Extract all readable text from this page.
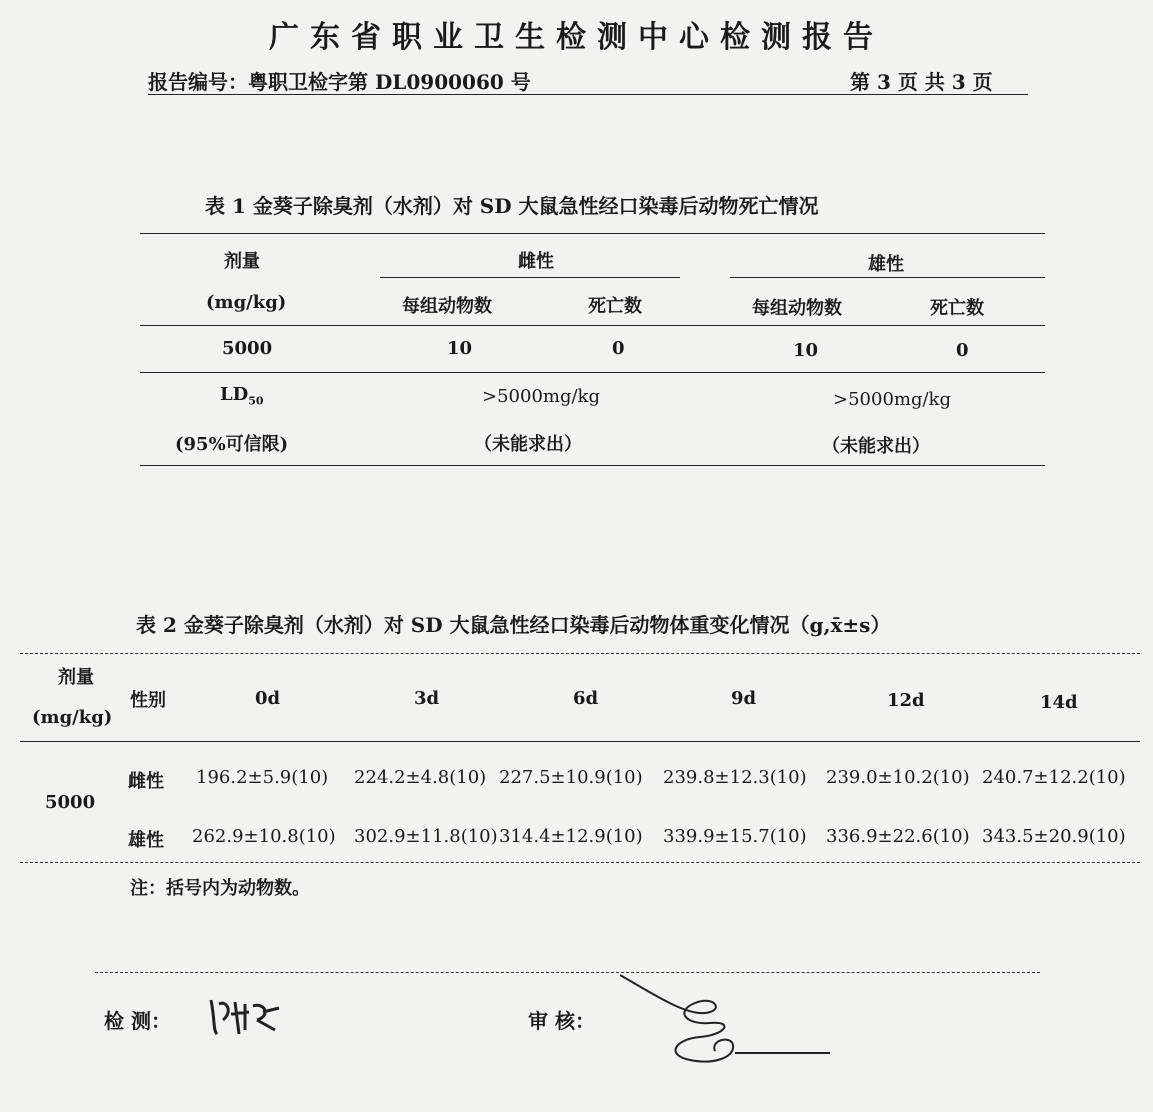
广东省职业卫生检测中心检测报告
报告编号：粤职卫检字第 DL0900060 号	第 3 页 共 3 页
表 1 金葵子除臭剂（水剂）对 SD 大鼠急性经口染毒后动物死亡情况
剂量
(mg/kg)
雌性	雄性
每组动物数	死亡数	每组动物数	死亡数
5000	10	0	10	0
$LD_{50}$
(95%可信限)
>5000mg/kg	>5000mg/kg
（未能求出）	（未能求出）
表 2 金葵子除臭剂（水剂）对 SD 大鼠急性经口染毒后动物体重变化情况（g,x̄±s）
剂量
(mg/kg)
性别	0d	3d	6d	9d	12d	14d
5000
雌性 196.2±5.9(10) 224.2±4.8(10) 227.5±10.9(10) 239.8±12.3(10) 239.0±10.2(10) 240.7±12.2(10)
雄性 262.9±10.8(10) 302.9±11.8(10) 314.4±12.9(10) 339.9±15.7(10) 336.9±22.6(10) 343.5±20.9(10)
注：括号内为动物数。
检 测：	审 核：
